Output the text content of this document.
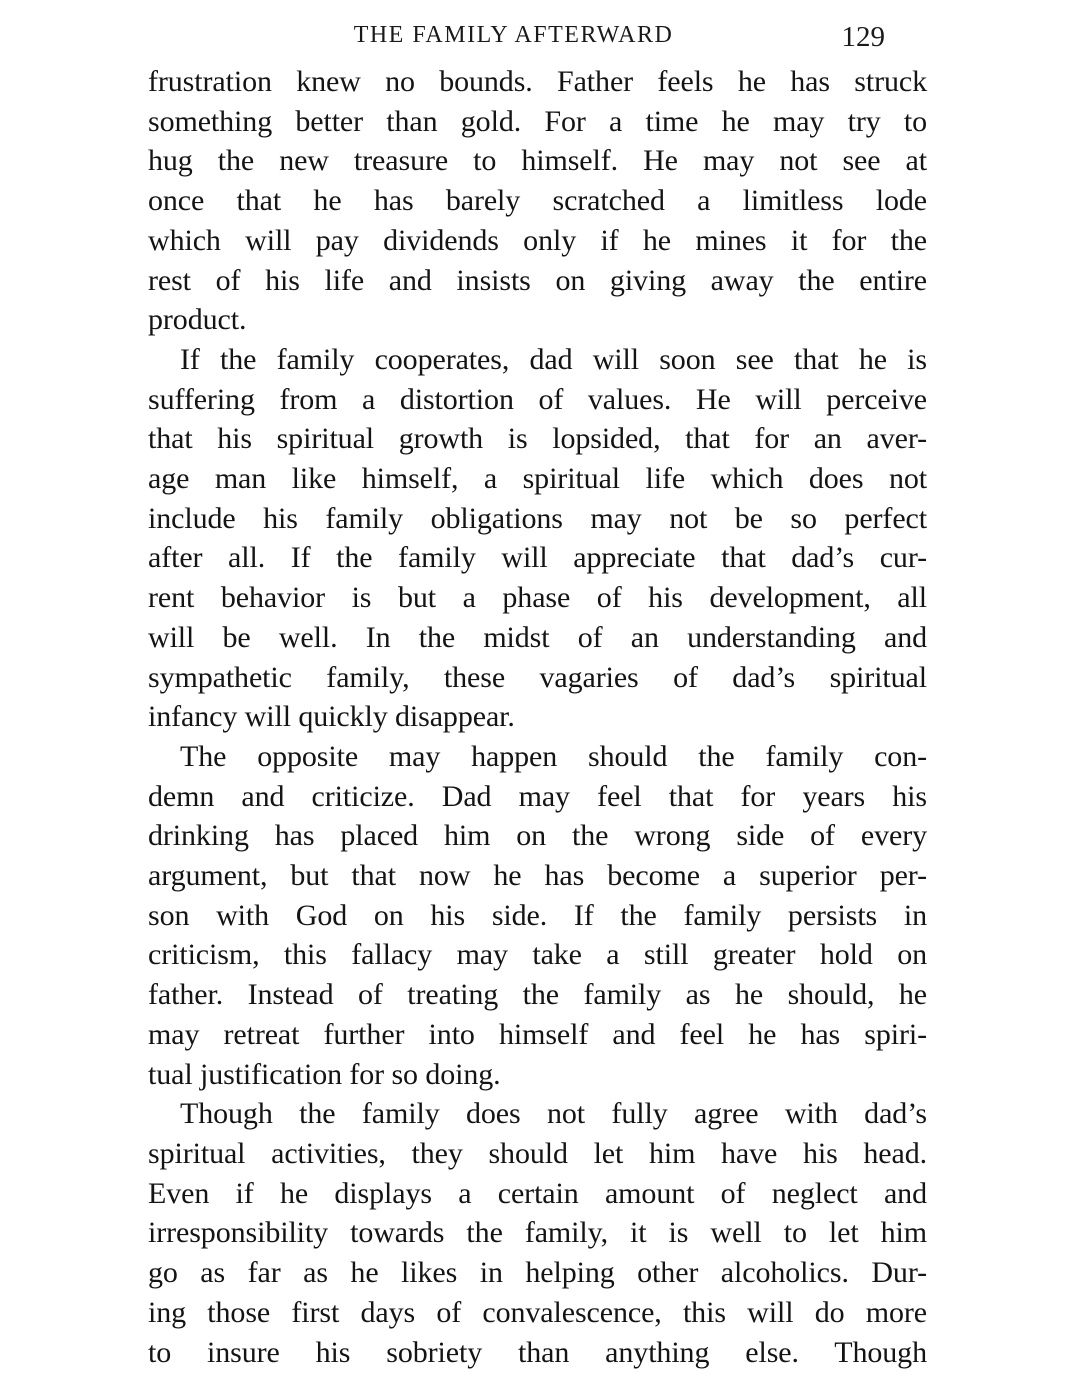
THE FAMILY AFTERWARD	129
frustration knew no bounds. Father feels he has struck
something better than gold. For a time he may try to
hug the new treasure to himself. He may not see at
once that he has barely scratched a limitless lode
which will pay dividends only if he mines it for the
rest of his life and insists on giving away the entire
product.
If the family cooperates, dad will soon see that he is
suffering from a distortion of values. He will perceive
that his spiritual growth is lopsided, that for an aver-
age man like himself, a spiritual life which does not
include his family obligations may not be so perfect
after all. If the family will appreciate that dad’s cur-
rent behavior is but a phase of his development, all
will be well. In the midst of an understanding and
sympathetic family, these vagaries of dad’s spiritual
infancy will quickly disappear.
The opposite may happen should the family con-
demn and criticize. Dad may feel that for years his
drinking has placed him on the wrong side of every
argument, but that now he has become a superior per-
son with God on his side. If the family persists in
criticism, this fallacy may take a still greater hold on
father. Instead of treating the family as he should, he
may retreat further into himself and feel he has spiri-
tual justification for so doing.
Though the family does not fully agree with dad’s
spiritual activities, they should let him have his head.
Even if he displays a certain amount of neglect and
irresponsibility towards the family, it is well to let him
go as far as he likes in helping other alcoholics. Dur-
ing those first days of convalescence, this will do more
to insure his sobriety than anything else. Though
